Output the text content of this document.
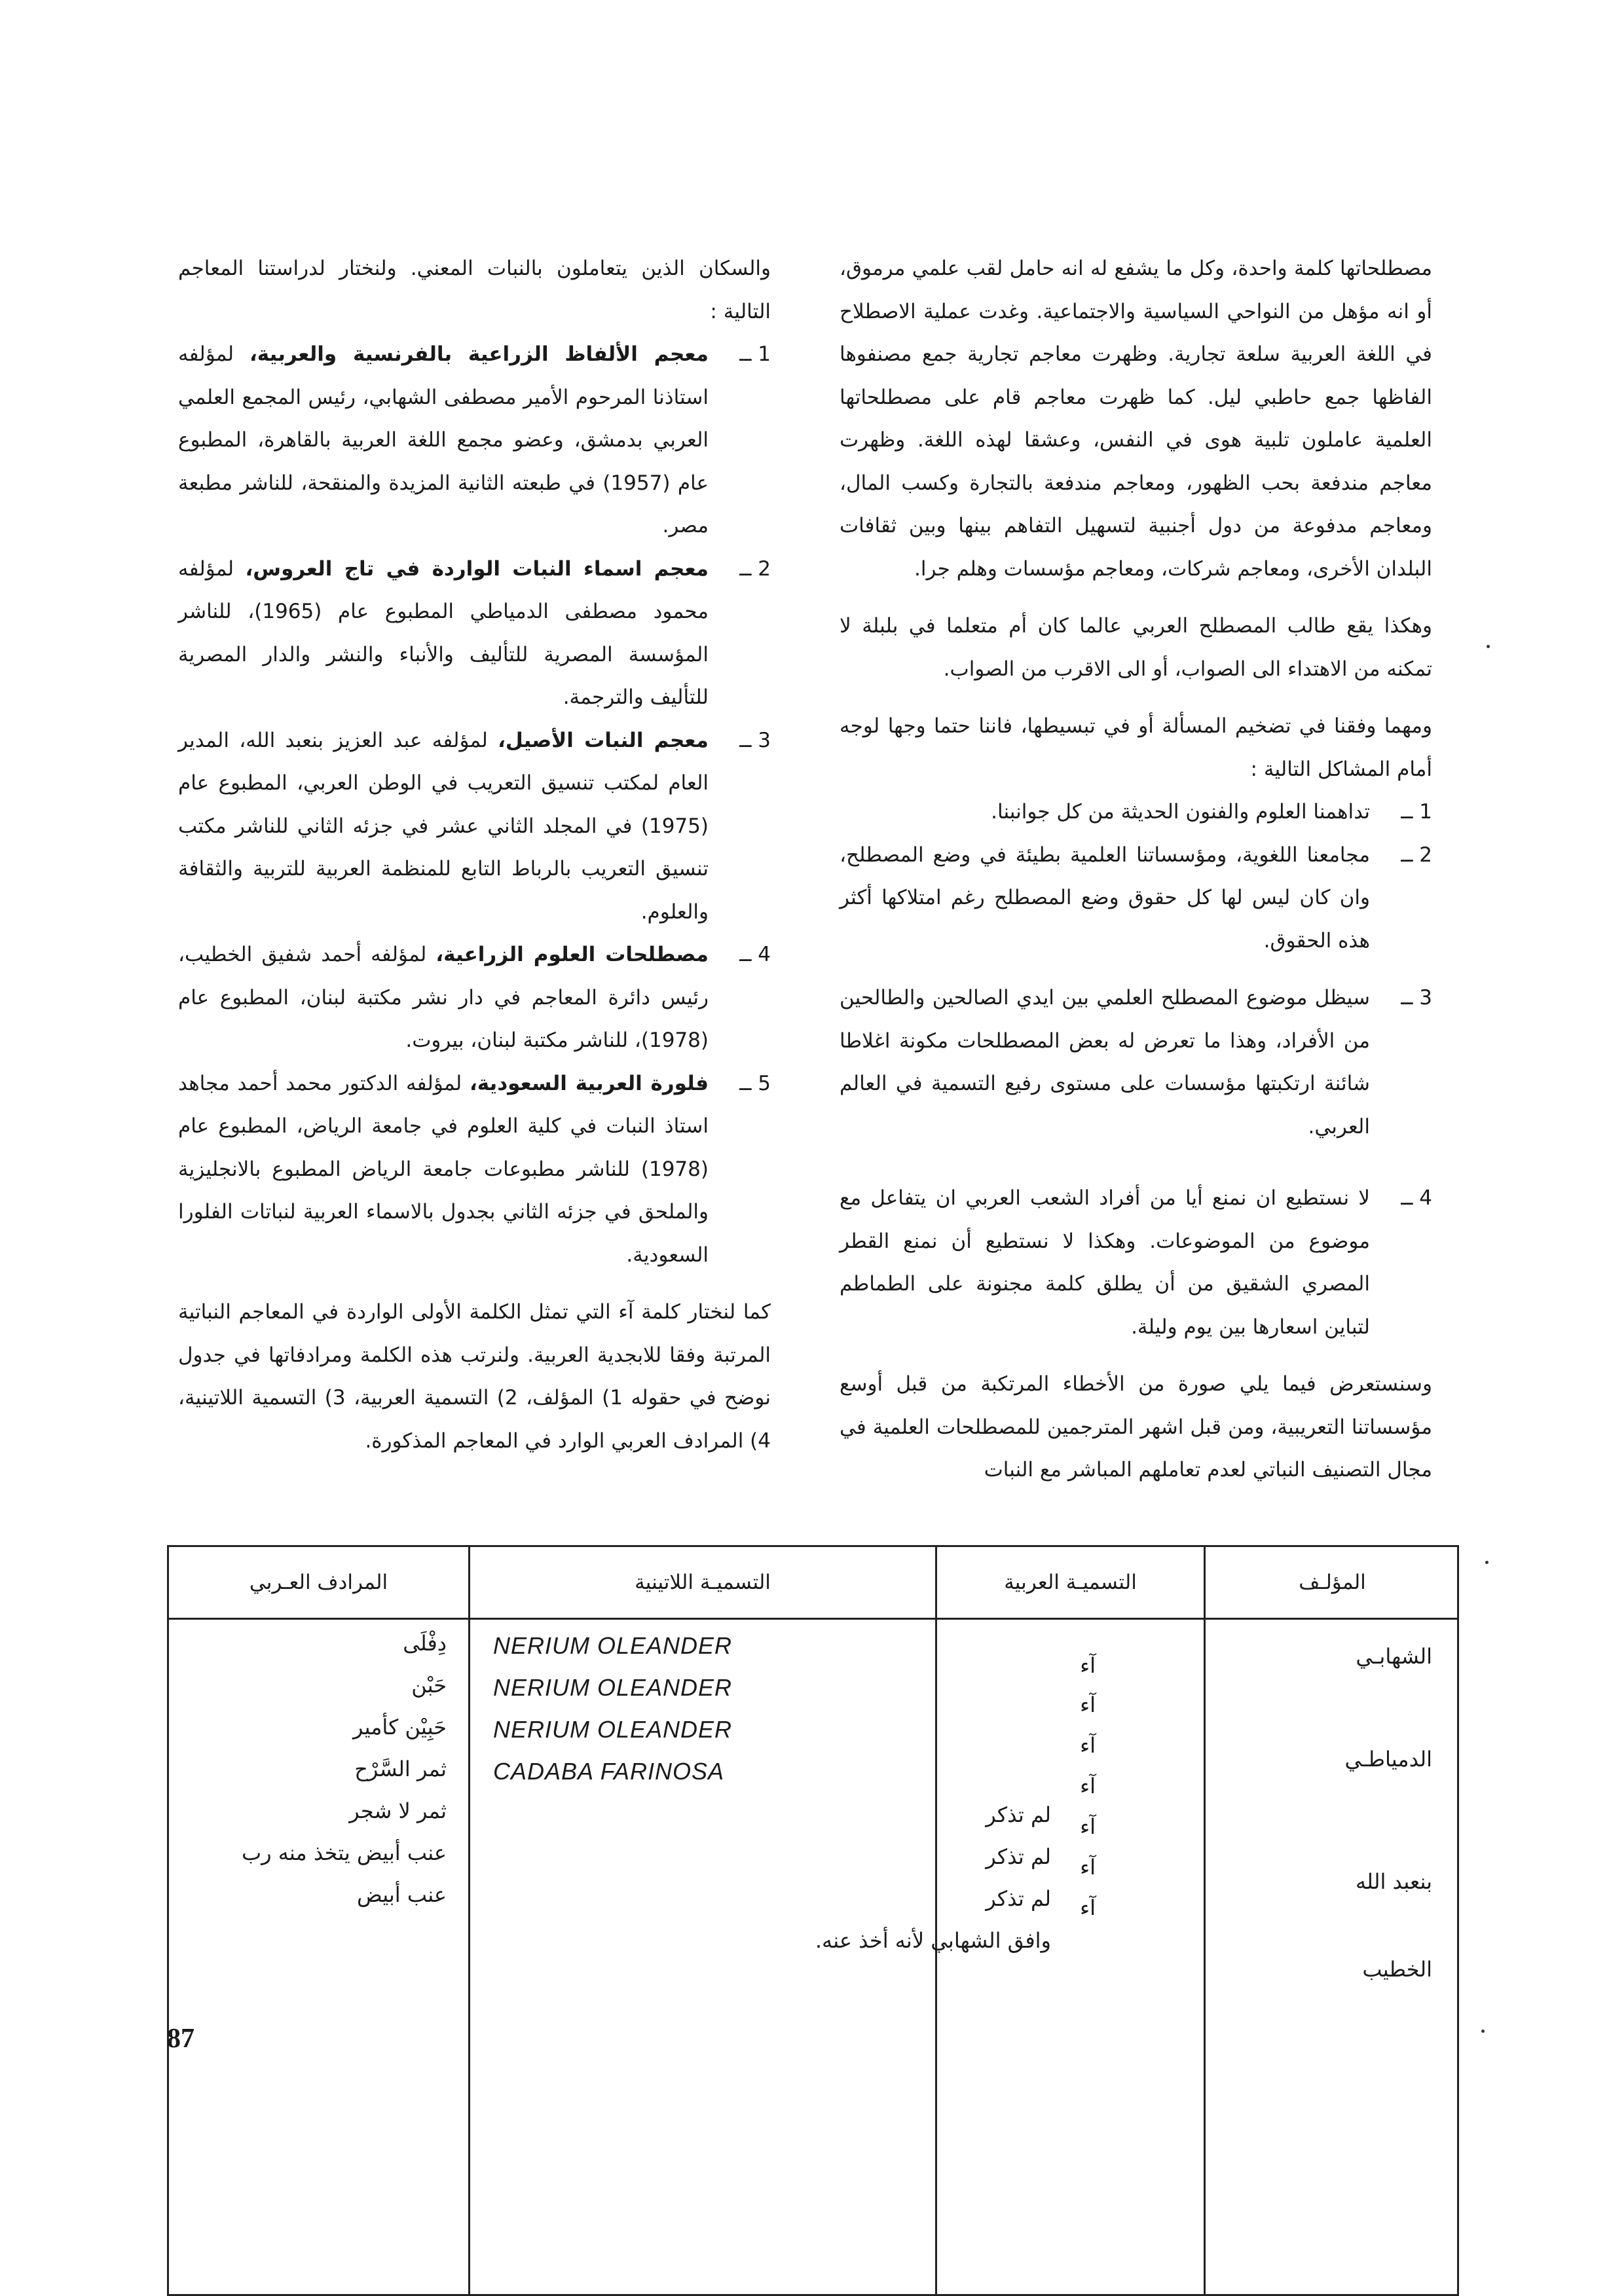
مصطلحاتها كلمة واحدة، وكل ما يشفع له انه حامل لقب علمي مرموق، أو انه مؤهل من النواحي السياسية والاجتماعية. وغدت عملية الاصطلاح في اللغة العربية سلعة تجارية. وظهرت معاجم تجارية جمع مصنفوها الفاظها جمع حاطبي ليل. كما ظهرت معاجم قام على مصطلحاتها العلمية عاملون تلبية هوى في النفس، وعشقا لهذه اللغة. وظهرت معاجم مندفعة بحب الظهور، ومعاجم مندفعة بالتجارة وكسب المال، ومعاجم مدفوعة من دول أجنبية لتسهيل التفاهم بينها وبين ثقافات البلدان الأخرى، ومعاجم شركات، ومعاجم مؤسسات وهلم جرا.

وهكذا يقع طالب المصطلح العربي عالما كان أم متعلما في بلبلة لا تمكنه من الاهتداء الى الصواب، أو الى الاقرب من الصواب.

ومهما وفقنا في تضخيم المسألة أو في تبسيطها، فاننا حتما وجها لوجه أمام المشاكل التالية :

1 ــ
تداهمنا العلوم والفنون الحديثة من كل جوانبنا.
2 ــ
مجامعنا اللغوية، ومؤسساتنا العلمية بطيئة في وضع المصطلح، وان كان ليس لها كل حقوق وضع المصطلح رغم امتلاكها أكثر هذه الحقوق.
3 ــ
سيظل موضوع المصطلح العلمي بين ايدي الصالحين والطالحين من الأفراد، وهذا ما تعرض له بعض المصطلحات مكونة اغلاطا شائنة ارتكبتها مؤسسات على مستوى رفيع التسمية في العالم العربي.
4 ــ
لا نستطيع ان نمنع أيا من أفراد الشعب العربي ان يتفاعل مع موضوع من الموضوعات. وهكذا لا نستطيع أن نمنع القطر المصري الشقيق من أن يطلق كلمة مجنونة على الطماطم لتباين اسعارها بين يوم وليلة.

وسنستعرض فيما يلي صورة من الأخطاء المرتكبة من قبل أوسع مؤسساتنا التعريبية، ومن قبل اشهر المترجمين للمصطلحات العلمية في مجال التصنيف النباتي لعدم تعاملهم المباشر مع النبات

والسكان الذين يتعاملون بالنبات المعني. ولنختار لدراستنا المعاجم التالية :

1 ــ
معجم الألفاظ الزراعية بالفرنسية والعربية، لمؤلفه استاذنا المرحوم الأمير مصطفى الشهابي، رئيس المجمع العلمي العربي بدمشق، وعضو مجمع اللغة العربية بالقاهرة، المطبوع عام (1957) في طبعته الثانية المزيدة والمنقحة، للناشر مطبعة مصر.
2 ــ
معجم اسماء النبات الواردة في تاج العروس، لمؤلفه محمود مصطفى الدمياطي المطبوع عام (1965)، للناشر المؤسسة المصرية للتأليف والأنباء والنشر والدار المصرية للتأليف والترجمة.
3 ــ
معجم النبات الأصيل، لمؤلفه عبد العزيز بنعبد الله، المدير العام لمكتب تنسيق التعريب في الوطن العربي، المطبوع عام (1975) في المجلد الثاني عشر في جزئه الثاني للناشر مكتب تنسيق التعريب بالرباط التابع للمنظمة العربية للتربية والثقافة والعلوم.
4 ــ
مصطلحات العلوم الزراعية، لمؤلفه أحمد شفيق الخطيب، رئيس دائرة المعاجم في دار نشر مكتبة لبنان، المطبوع عام (1978)، للناشر مكتبة لبنان، بيروت.
5 ــ
فلورة العربية السعودية، لمؤلفه الدكتور محمد أحمد مجاهد استاذ النبات في كلية العلوم في جامعة الرياض، المطبوع عام (1978) للناشر مطبوعات جامعة الرياض المطبوع بالانجليزية والملحق في جزئه الثاني بجدول بالاسماء العربية لنباتات الفلورا السعودية.

كما لنختار كلمة آء التي تمثل الكلمة الأولى الواردة في المعاجم النباتية المرتبة وفقا للابجدية العربية. ولنرتب هذه الكلمة ومرادفاتها في جدول نوضح في حقوله 1) المؤلف، 2) التسمية العربية، 3) التسمية اللاتينية، 4) المرادف العربي الوارد في المعاجم المذكورة.

المؤلـف
التسميـة العربية
التسميـة اللاتينية
المرادف العـربي
الشهابـي
الدمياطـي
بنعبد الله
الخطيب
آء
آء
آء
آء
آء
آء
آء
NERIUM OLEANDER
NERIUM OLEANDER
NERIUM OLEANDER
CADABA FARINOSA
لم تذكر
لم تذكر
لم تذكر
وافق الشهابي لأنه أخذ عنه.
دِفْلَى
حَبْن
حَبِيْن كأمير
ثمر السَّرْح
ثمر لا شجر
عنب أبيض يتخذ منه رب
عنب أبيض
87
